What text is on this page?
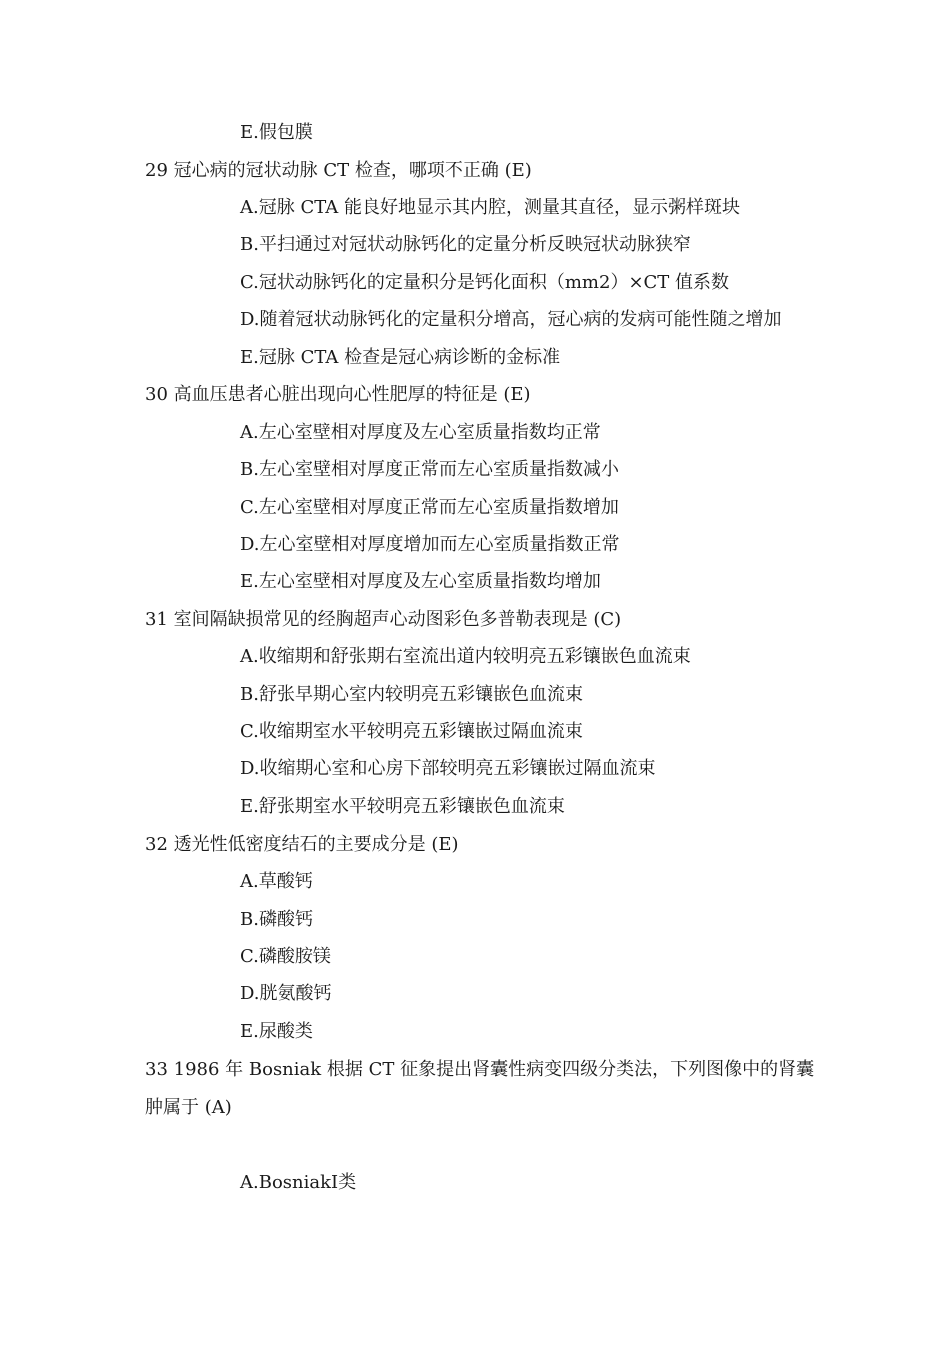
E.假包膜
29 冠心病的冠状动脉 CT 检查，哪项不正确 (E)
A.冠脉 CTA 能良好地显示其内腔，测量其直径，显示粥样斑块
B.平扫通过对冠状动脉钙化的定量分析反映冠状动脉狭窄
C.冠状动脉钙化的定量积分是钙化面积（mm2）×CT 值系数
D.随着冠状动脉钙化的定量积分增高，冠心病的发病可能性随之增加
E.冠脉 CTA 检查是冠心病诊断的金标准
30 高血压患者心脏出现向心性肥厚的特征是 (E)
A.左心室壁相对厚度及左心室质量指数均正常
B.左心室壁相对厚度正常而左心室质量指数减小
C.左心室壁相对厚度正常而左心室质量指数增加
D.左心室壁相对厚度增加而左心室质量指数正常
E.左心室壁相对厚度及左心室质量指数均增加
31 室间隔缺损常见的经胸超声心动图彩色多普勒表现是 (C)
A.收缩期和舒张期右室流出道内较明亮五彩镶嵌色血流束
B.舒张早期心室内较明亮五彩镶嵌色血流束
C.收缩期室水平较明亮五彩镶嵌过隔血流束
D.收缩期心室和心房下部较明亮五彩镶嵌过隔血流束
E.舒张期室水平较明亮五彩镶嵌色血流束
32 透光性低密度结石的主要成分是 (E)
A.草酸钙
B.磷酸钙
C.磷酸胺镁
D.胱氨酸钙
E.尿酸类
33 1986 年 Bosniak 根据 CT 征象提出肾囊性病变四级分类法，下列图像中的肾囊
肿属于 (A)
A.BosniakⅠ类
